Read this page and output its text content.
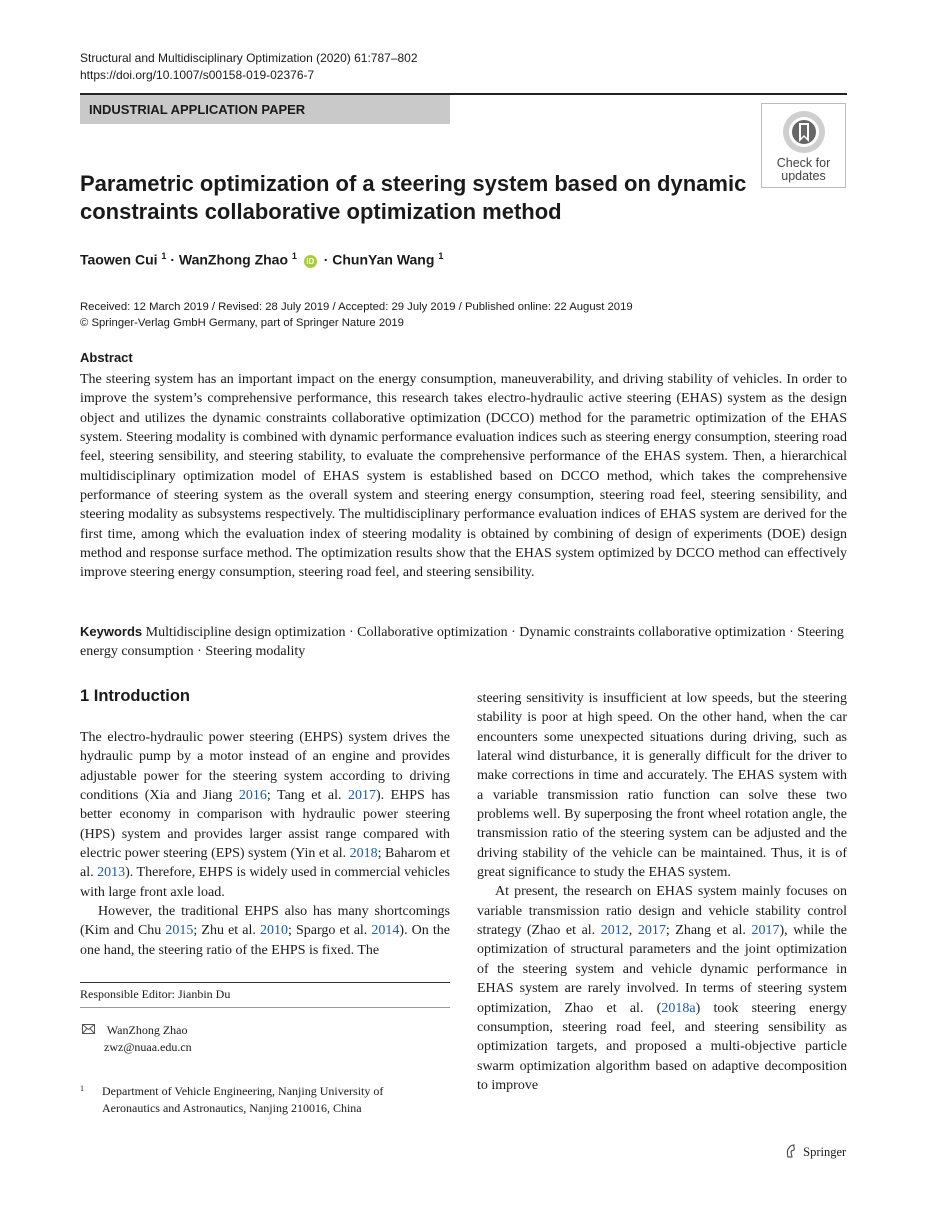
Structural and Multidisciplinary Optimization (2020) 61:787–802
https://doi.org/10.1007/s00158-019-02376-7
INDUSTRIAL APPLICATION PAPER
Check for
updates
Parametric optimization of a steering system based on dynamic
constraints collaborative optimization method
Taowen Cui $^1$ · WanZhong Zhao $^1$ iD · ChunYan Wang $^1$
Received: 12 March 2019 / Revised: 28 July 2019 / Accepted: 29 July 2019 / Published online: 22 August 2019
© Springer-Verlag GmbH Germany, part of Springer Nature 2019
Abstract
The steering system has an important impact on the energy consumption, maneuverability, and driving stability of vehicles. In order to improve the system’s comprehensive performance, this research takes electro-hydraulic active steering (EHAS) system as the design object and utilizes the dynamic constraints collaborative optimization (DCCO) method for the parametric optimization of the EHAS system. Steering modality is combined with dynamic performance evaluation indices such as steering energy consumption, steering road feel, steering sensibility, and steering stability, to evaluate the comprehensive performance of the EHAS system. Then, a hierarchical multidisciplinary optimization model of EHAS system is established based on DCCO method, which takes the comprehensive performance of steering system as the overall system and steering energy consumption, steering road feel, steering sensibility, and steering modality as subsystems respectively. The multidisciplinary performance evaluation indices of EHAS system are derived for the first time, among which the evaluation index of steering modality is obtained by combining of design of experiments (DOE) design method and response surface method. The optimization results show that the EHAS system optimized by DCCO method can effectively improve steering energy consumption, steering road feel, and steering sensibility.
Keywords Multidiscipline design optimization · Collaborative optimization · Dynamic constraints collaborative optimization · Steering energy consumption · Steering modality
1 Introduction

The electro-hydraulic power steering (EHPS) system drives the hydraulic pump by a motor instead of an engine and provides adjustable power for the steering system according to driving conditions (Xia and Jiang 2016; Tang et al. 2017). EHPS has better economy in comparison with hydraulic power steering (HPS) system and provides larger assist range compared with electric power steering (EPS) system (Yin et al. 2018; Baharom et al. 2013). Therefore, EHPS is widely used in commercial vehicles with large front axle load.

However, the traditional EHPS also has many shortcomings (Kim and Chu 2015; Zhu et al. 2010; Spargo et al. 2014). On the one hand, the steering ratio of the EHPS is fixed. The

steering sensitivity is insufficient at low speeds, but the steering stability is poor at high speed. On the other hand, when the car encounters some unexpected situations during driving, such as lateral wind disturbance, it is generally difficult for the driver to make corrections in time and accurately. The EHAS system with a variable transmission ratio function can solve these two problems well. By superposing the front wheel rotation angle, the transmission ratio of the steering system can be adjusted and the driving stability of the vehicle can be maintained. Thus, it is of great significance to study the EHAS system.

At present, the research on EHAS system mainly focuses on variable transmission ratio design and vehicle stability control strategy (Zhao et al. 2012, 2017; Zhang et al. 2017), while the optimization of structural parameters and the joint optimization of the steering system and vehicle dynamic performance in EHAS system are rarely involved. In terms of steering system optimization, Zhao et al. (2018a) took steering energy consumption, steering road feel, and steering sensibility as optimization targets, and proposed a multi-objective particle swarm optimization algorithm based on adaptive decomposition to improve

Responsible Editor: Jianbin Du
WanZhong Zhao
zwz@nuaa.edu.cn
1 Department of Vehicle Engineering, Nanjing University of
Aeronautics and Astronautics, Nanjing 210016, China
Springer
